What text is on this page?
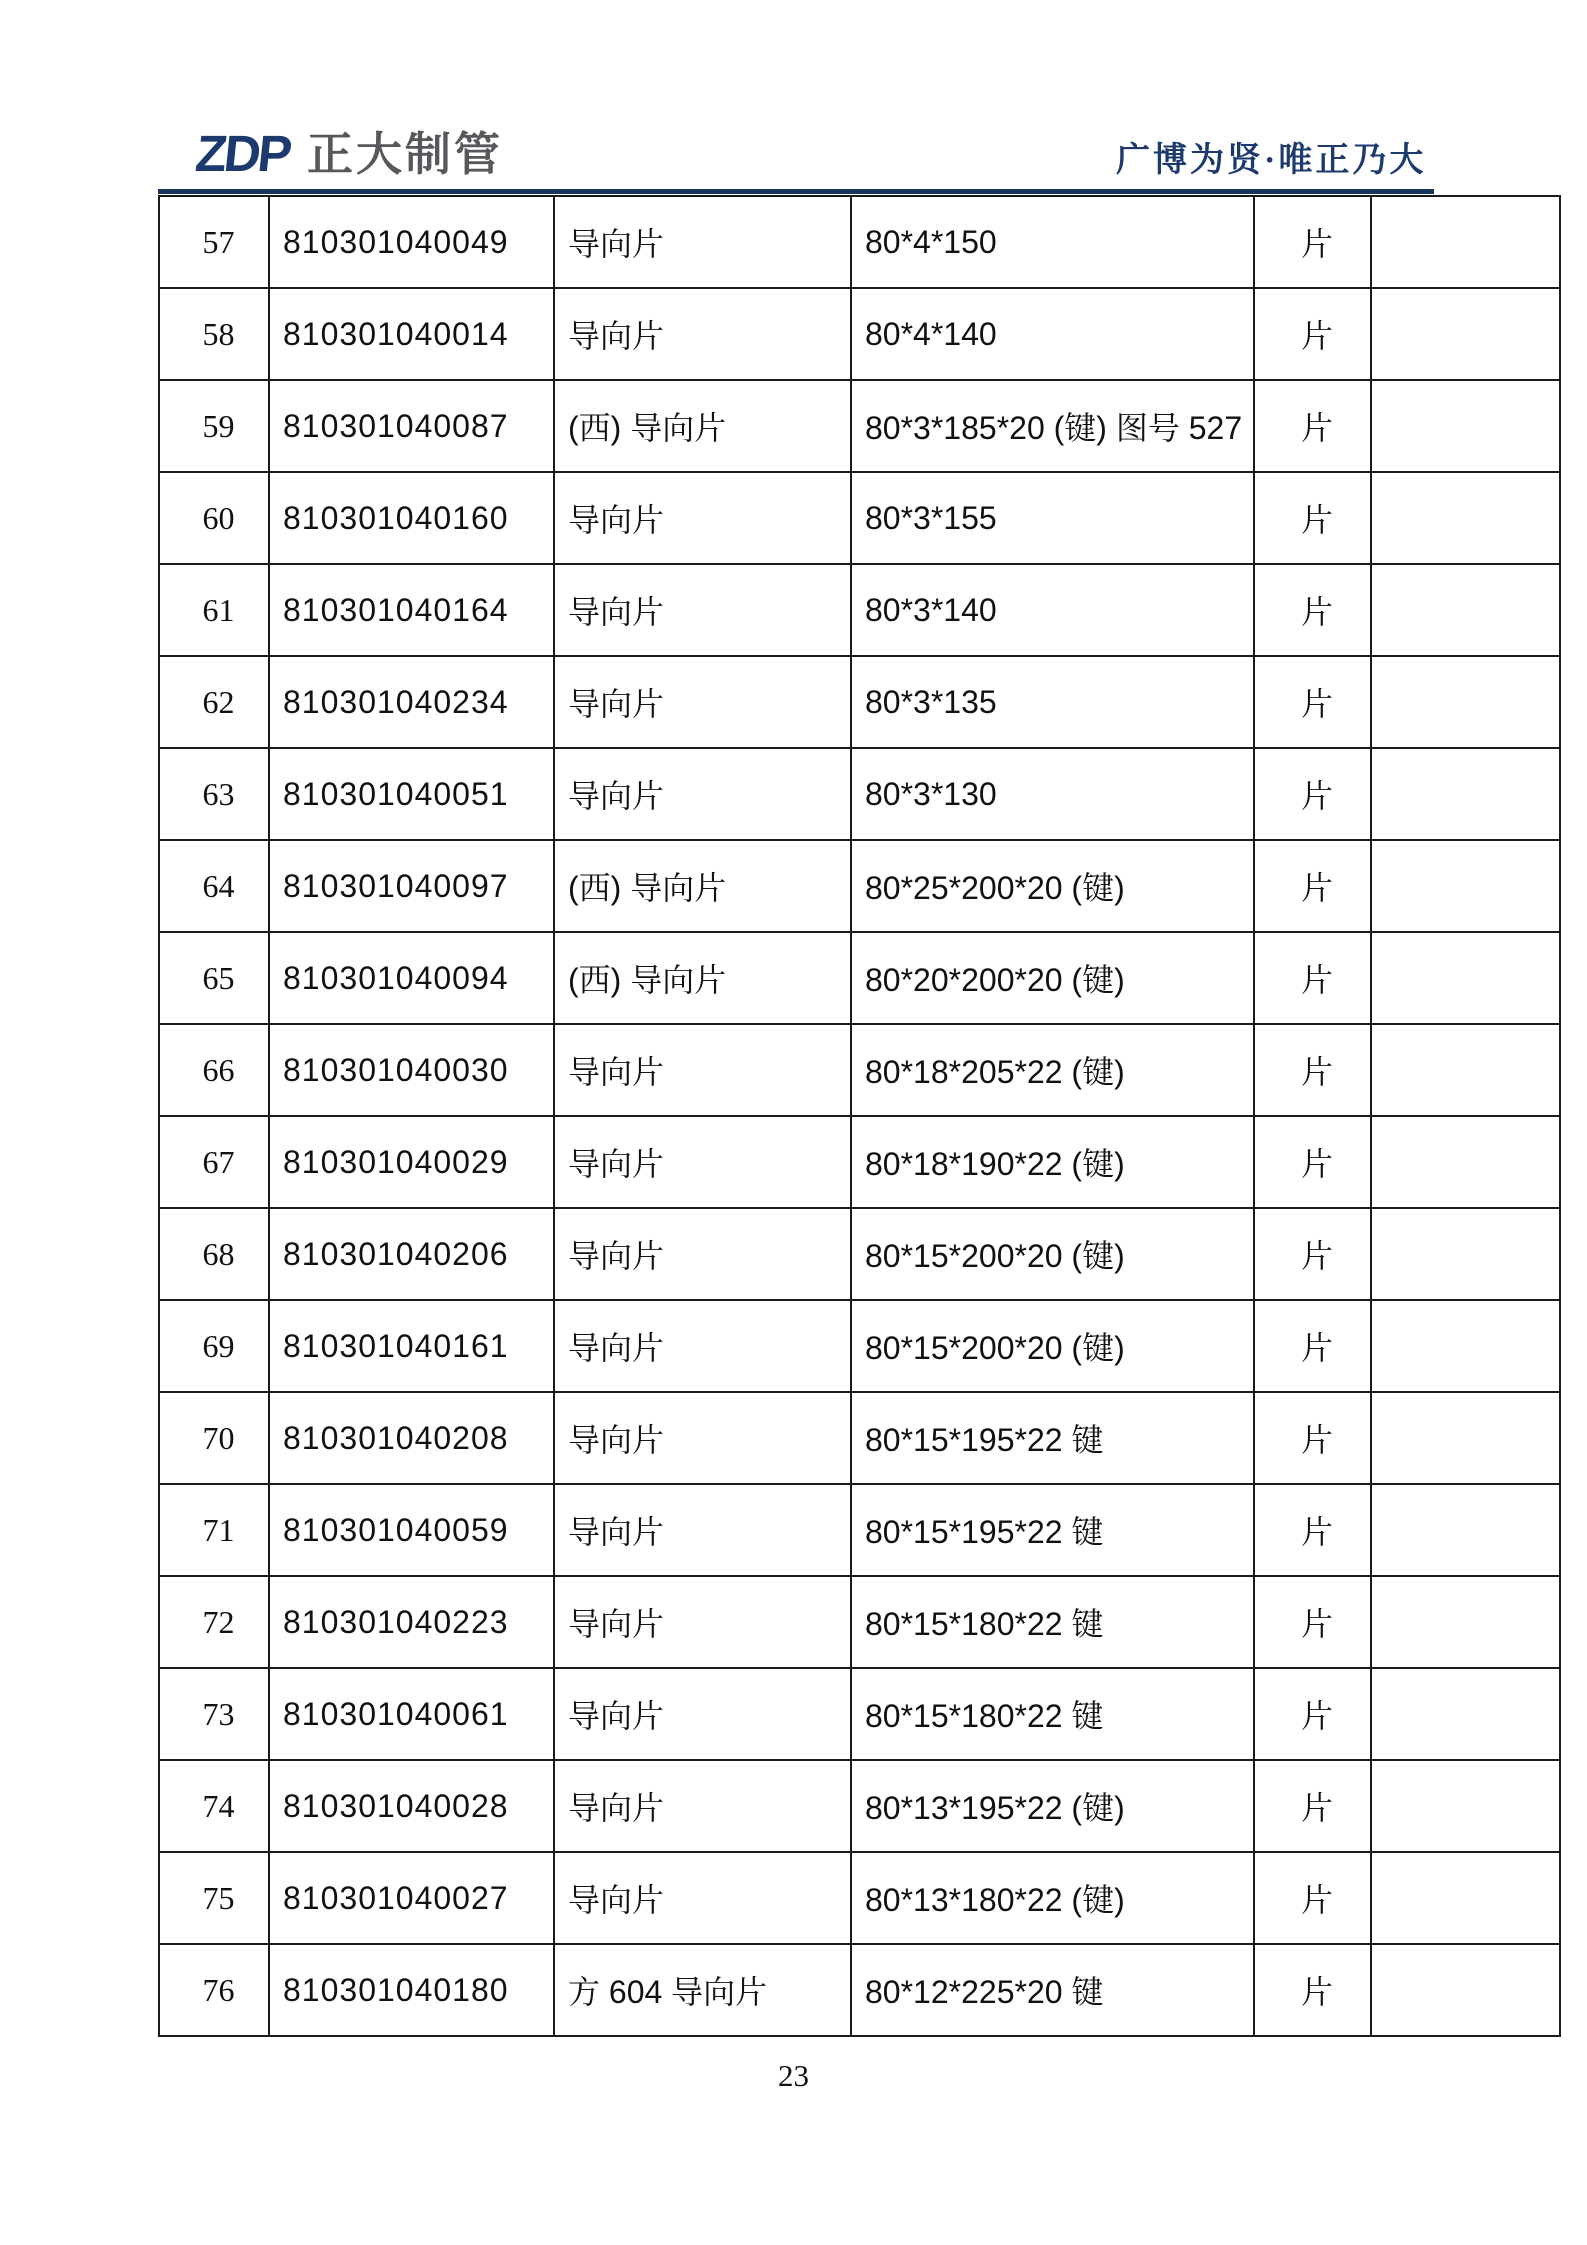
ZDP 正大制管	广博为贤·唯正乃大
57	810301040049	导向片	80*4*150	片	
58	810301040014	导向片	80*4*140	片	
59	810301040087	(西) 导向片	80*3*185*20 (键) 图号 527	片	
60	810301040160	导向片	80*3*155	片	
61	810301040164	导向片	80*3*140	片	
62	810301040234	导向片	80*3*135	片	
63	810301040051	导向片	80*3*130	片	
64	810301040097	(西) 导向片	80*25*200*20 (键)	片	
65	810301040094	(西) 导向片	80*20*200*20 (键)	片	
66	810301040030	导向片	80*18*205*22 (键)	片	
67	810301040029	导向片	80*18*190*22 (键)	片	
68	810301040206	导向片	80*15*200*20 (键)	片	
69	810301040161	导向片	80*15*200*20 (键)	片	
70	810301040208	导向片	80*15*195*22 键	片	
71	810301040059	导向片	80*15*195*22 键	片	
72	810301040223	导向片	80*15*180*22 键	片	
73	810301040061	导向片	80*15*180*22 键	片	
74	810301040028	导向片	80*13*195*22 (键)	片	
75	810301040027	导向片	80*13*180*22 (键)	片	
76	810301040180	方 604 导向片	80*12*225*20 键	片	
23
